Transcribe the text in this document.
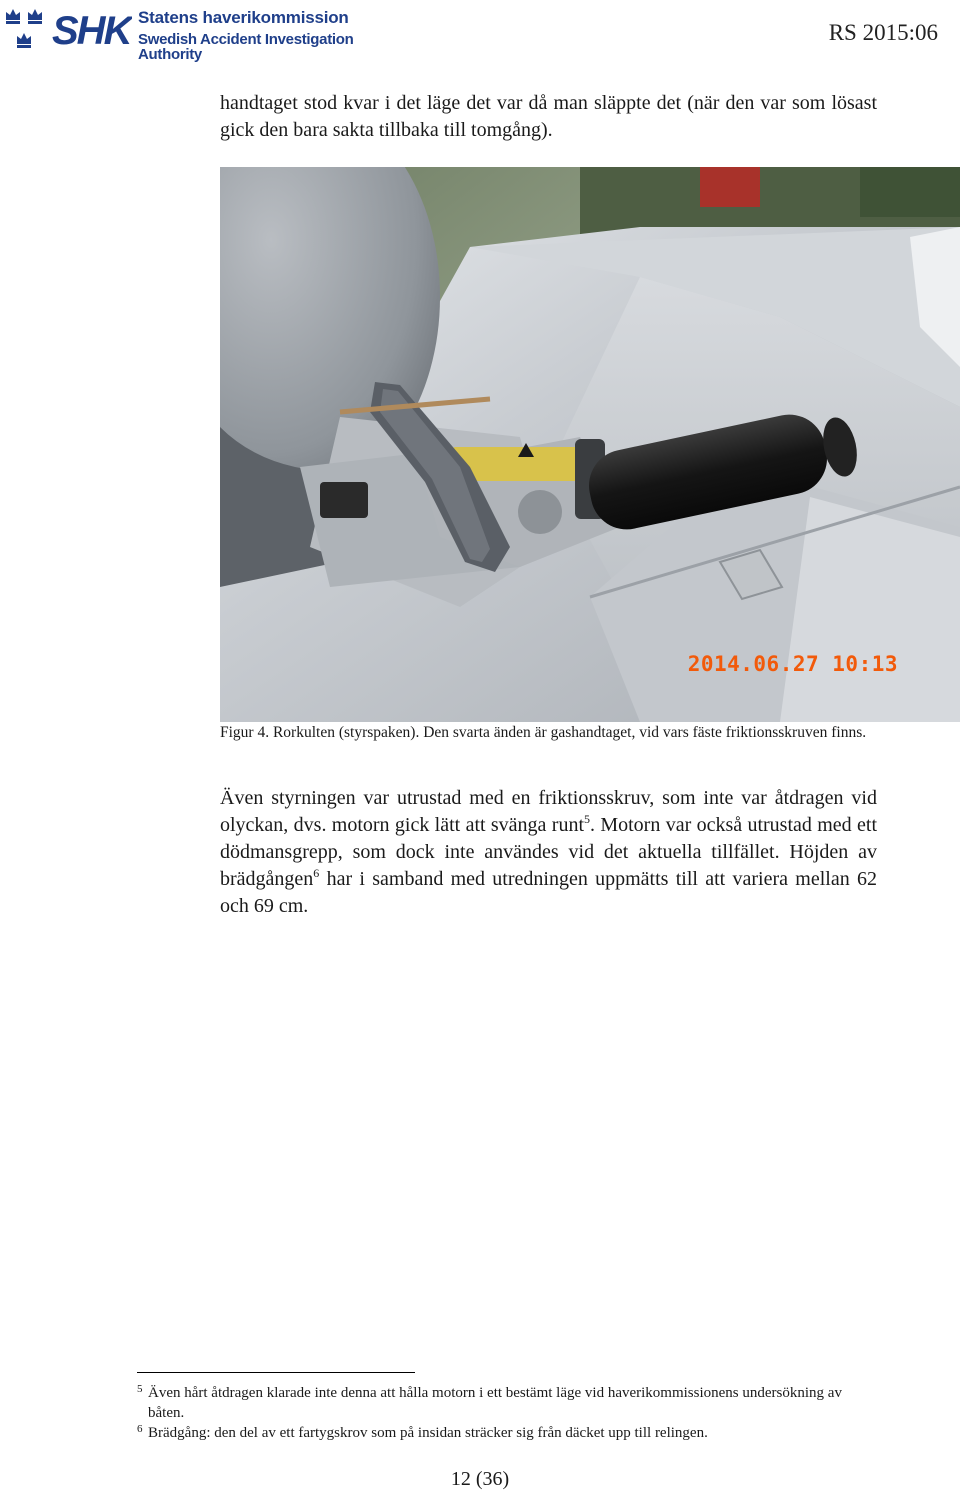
SHK Statens haverikommission
Swedish Accident Investigation Authority
RS 2015:06

handtaget stod kvar i det läge det var då man släppte det (när den var som lösast gick den bara sakta tillbaka till tomgång).

2014.06.27 10:13

Figur 4. Rorkulten (styrspaken). Den svarta änden är gashandtaget, vid vars fäste friktionsskruven finns.

Även styrningen var utrustad med en friktionsskruv, som inte var åtdragen vid olyckan, dvs. motorn gick lätt att svänga runt$^5$. Motorn var också utrustad med ett dödmansgrepp, som dock inte användes vid det aktuella tillfället. Höjden av brädgången$^6$ har i samband med utredningen uppmätts till att variera mellan 62 och 69 cm.

5 Även hårt åtdragen klarade inte denna att hålla motorn i ett bestämt läge vid haverikommissionens undersökning av båten.

6 Brädgång: den del av ett fartygskrov som på insidan sträcker sig från däcket upp till relingen.

12 (36)
